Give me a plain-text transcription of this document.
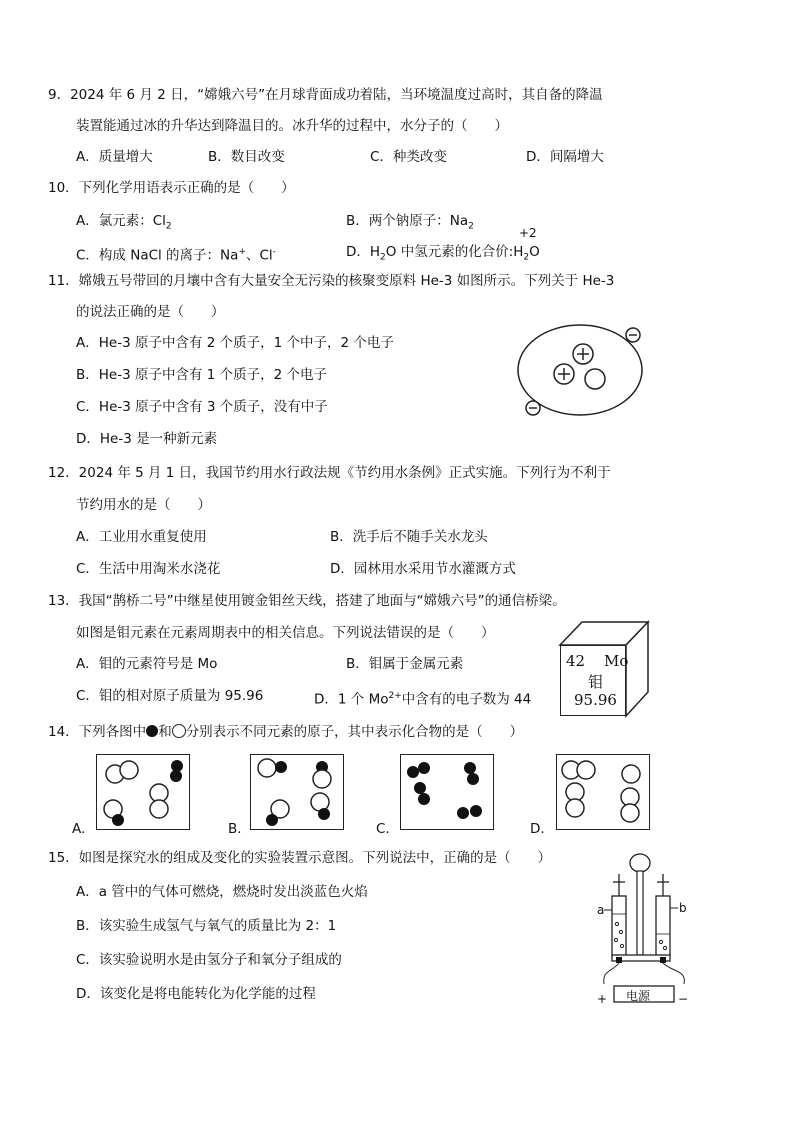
9．2024 年 6 月 2 日，“嫦娥六号”在月球背面成功着陆，当环境温度过高时，其自备的降温
装置能通过冰的升华达到降温目的。冰升华的过程中，水分子的（　　）
A．质量增大	B．数目改变	C．种类改变	D．间隔增大
10．下列化学用语表示正确的是（　　）
A．氯元素：$Cl_2$	B．两个钠原子：$Na_2$
C．构成 NaCl 的离子：Na+、Cl-	D．$H_2O$ 中氢元素的化合价$:H_2O$
+2
11．嫦娥五号带回的月壤中含有大量安全无污染的核聚变原料 He-3 如图所示。下列关于 He-3
的说法正确的是（　　）
A．He-3 原子中含有 2 个质子，1 个中子，2 个电子
B．He-3 原子中含有 1 个质子，2 个电子
C．He-3 原子中含有 3 个质子，没有中子
D．He-3 是一种新元素
12．2024 年 5 月 1 日，我国节约用水行政法规《节约用水条例》正式实施。下列行为不利于
节约用水的是（　　）
A．工业用水重复使用	B．洗手后不随手关水龙头
C．生活中用淘米水浇花	D．园林用水采用节水灌溉方式
13．我国“鹊桥二号”中继星使用镀金钼丝天线，搭建了地面与“嫦娥六号”的通信桥梁。
如图是钼元素在元素周期表中的相关信息。下列说法错误的是（　　）
A．钼的元素符号是 Mo	B．钼属于金属元素
C．钼的相对原子质量为 95.96	D．1 个 $Mo^{2+}$中含有的电子数为 44
42 Mo
钼
95.96
14．下列各图中 和 分别表示不同元素的原子，其中表示化合物的是（　　）
A.	B.	C.	D.
15．如图是探究水的组成及变化的实验装置示意图。下列说法中，正确的是（　　）
A．a 管中的气体可燃烧，燃烧时发出淡蓝色火焰
B．该实验生成氢气与氧气的质量比为 2：1
C．该实验说明水是由氢分子和氧分子组成的
D．该变化是将电能转化为化学能的过程
a	b
电源
+	−
